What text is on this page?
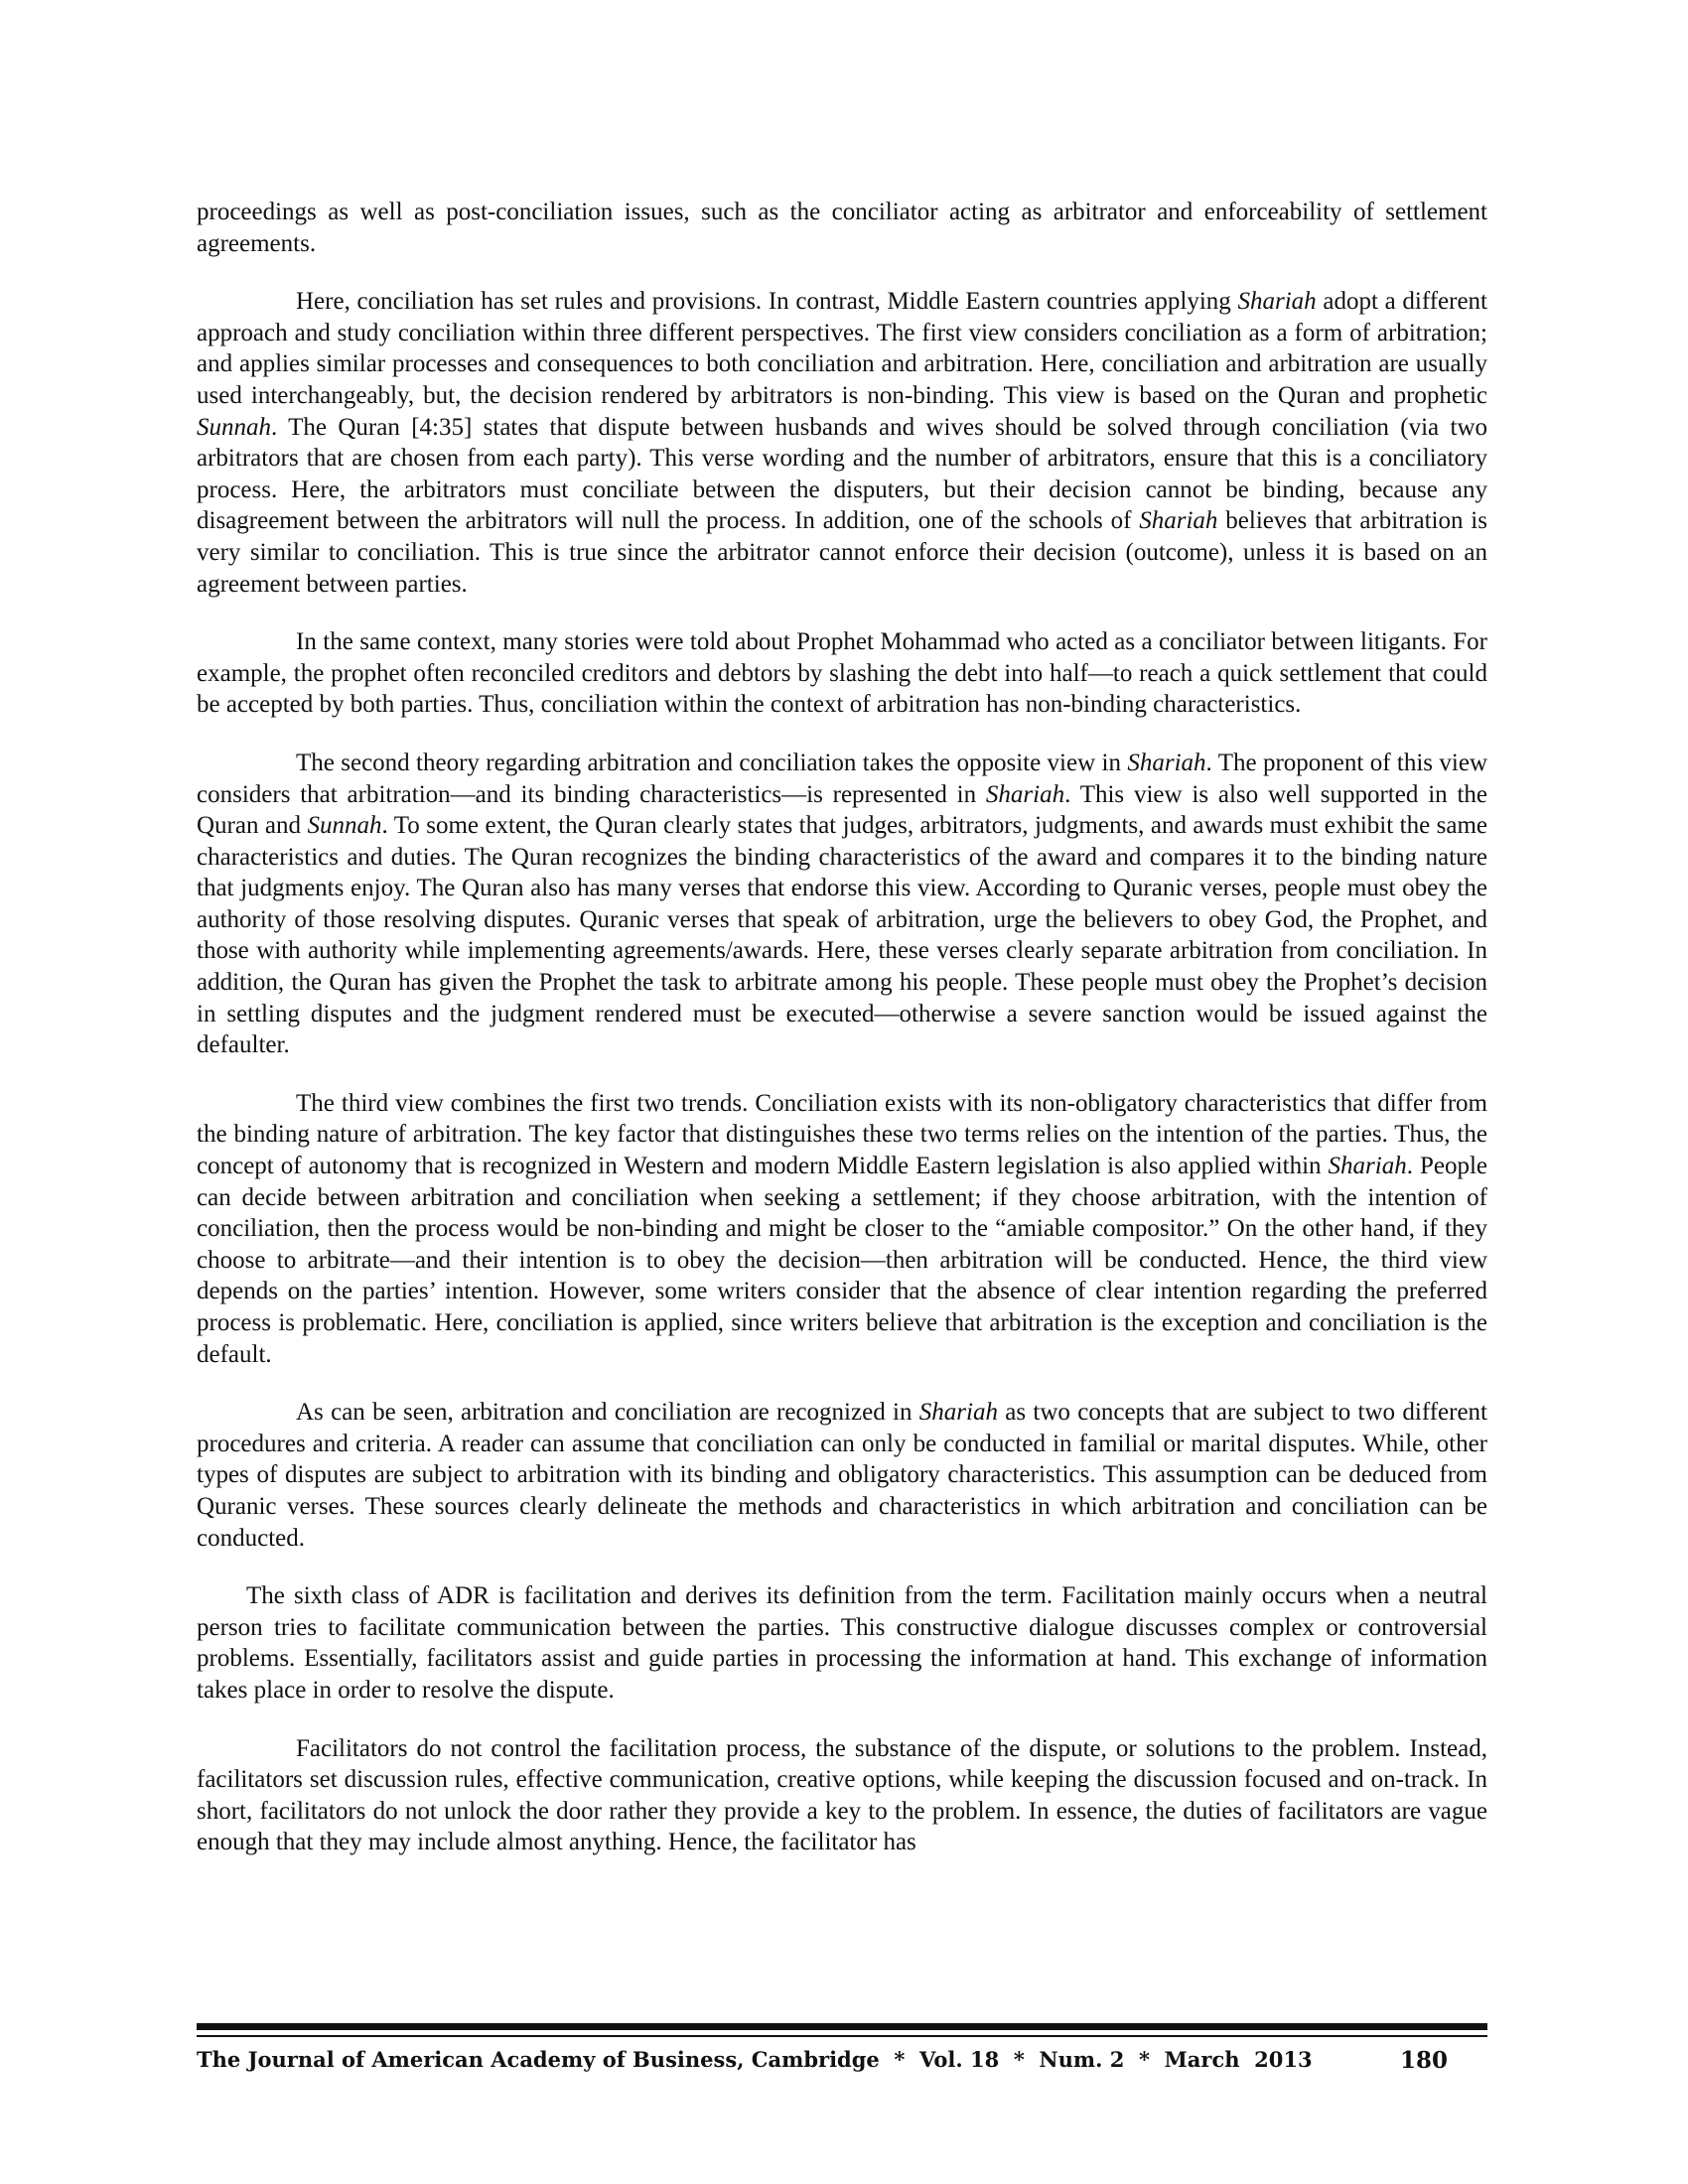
proceedings as well as post-conciliation issues, such as the conciliator acting as arbitrator and enforceability of settlement agreements.

Here, conciliation has set rules and provisions. In contrast, Middle Eastern countries applying Shariah adopt a different approach and study conciliation within three different perspectives. The first view considers conciliation as a form of arbitration; and applies similar processes and consequences to both conciliation and arbitration. Here, conciliation and arbitration are usually used interchangeably, but, the decision rendered by arbitrators is non-binding. This view is based on the Quran and prophetic Sunnah. The Quran [4:35] states that dispute between husbands and wives should be solved through conciliation (via two arbitrators that are chosen from each party). This verse wording and the number of arbitrators, ensure that this is a conciliatory process. Here, the arbitrators must conciliate between the disputers, but their decision cannot be binding, because any disagreement between the arbitrators will null the process. In addition, one of the schools of Shariah believes that arbitration is very similar to conciliation. This is true since the arbitrator cannot enforce their decision (outcome), unless it is based on an agreement between parties.

In the same context, many stories were told about Prophet Mohammad who acted as a conciliator between litigants. For example, the prophet often reconciled creditors and debtors by slashing the debt into half—to reach a quick settlement that could be accepted by both parties. Thus, conciliation within the context of arbitration has non-binding characteristics.

The second theory regarding arbitration and conciliation takes the opposite view in Shariah. The proponent of this view considers that arbitration—and its binding characteristics—is represented in Shariah. This view is also well supported in the Quran and Sunnah. To some extent, the Quran clearly states that judges, arbitrators, judgments, and awards must exhibit the same characteristics and duties. The Quran recognizes the binding characteristics of the award and compares it to the binding nature that judgments enjoy. The Quran also has many verses that endorse this view. According to Quranic verses, people must obey the authority of those resolving disputes. Quranic verses that speak of arbitration, urge the believers to obey God, the Prophet, and those with authority while implementing agreements/awards. Here, these verses clearly separate arbitration from conciliation. In addition, the Quran has given the Prophet the task to arbitrate among his people. These people must obey the Prophet’s decision in settling disputes and the judgment rendered must be executed—otherwise a severe sanction would be issued against the defaulter.

The third view combines the first two trends. Conciliation exists with its non-obligatory characteristics that differ from the binding nature of arbitration. The key factor that distinguishes these two terms relies on the intention of the parties. Thus, the concept of autonomy that is recognized in Western and modern Middle Eastern legislation is also applied within Shariah. People can decide between arbitration and conciliation when seeking a settlement; if they choose arbitration, with the intention of conciliation, then the process would be non-binding and might be closer to the “amiable compositor.” On the other hand, if they choose to arbitrate—and their intention is to obey the decision—then arbitration will be conducted. Hence, the third view depends on the parties’ intention. However, some writers consider that the absence of clear intention regarding the preferred process is problematic. Here, conciliation is applied, since writers believe that arbitration is the exception and conciliation is the default.

As can be seen, arbitration and conciliation are recognized in Shariah as two concepts that are subject to two different procedures and criteria. A reader can assume that conciliation can only be conducted in familial or marital disputes. While, other types of disputes are subject to arbitration with its binding and obligatory characteristics. This assumption can be deduced from Quranic verses. These sources clearly delineate the methods and characteristics in which arbitration and conciliation can be conducted.

The sixth class of ADR is facilitation and derives its definition from the term. Facilitation mainly occurs when a neutral person tries to facilitate communication between the parties. This constructive dialogue discusses complex or controversial problems. Essentially, facilitators assist and guide parties in processing the information at hand. This exchange of information takes place in order to resolve the dispute.

Facilitators do not control the facilitation process, the substance of the dispute, or solutions to the problem. Instead, facilitators set discussion rules, effective communication, creative options, while keeping the discussion focused and on-track. In short, facilitators do not unlock the door rather they provide a key to the problem. In essence, the duties of facilitators are vague enough that they may include almost anything. Hence, the facilitator has

The Journal of American Academy of Business, Cambridge  *  Vol. 18  *  Num. 2  *  March  2013	180
